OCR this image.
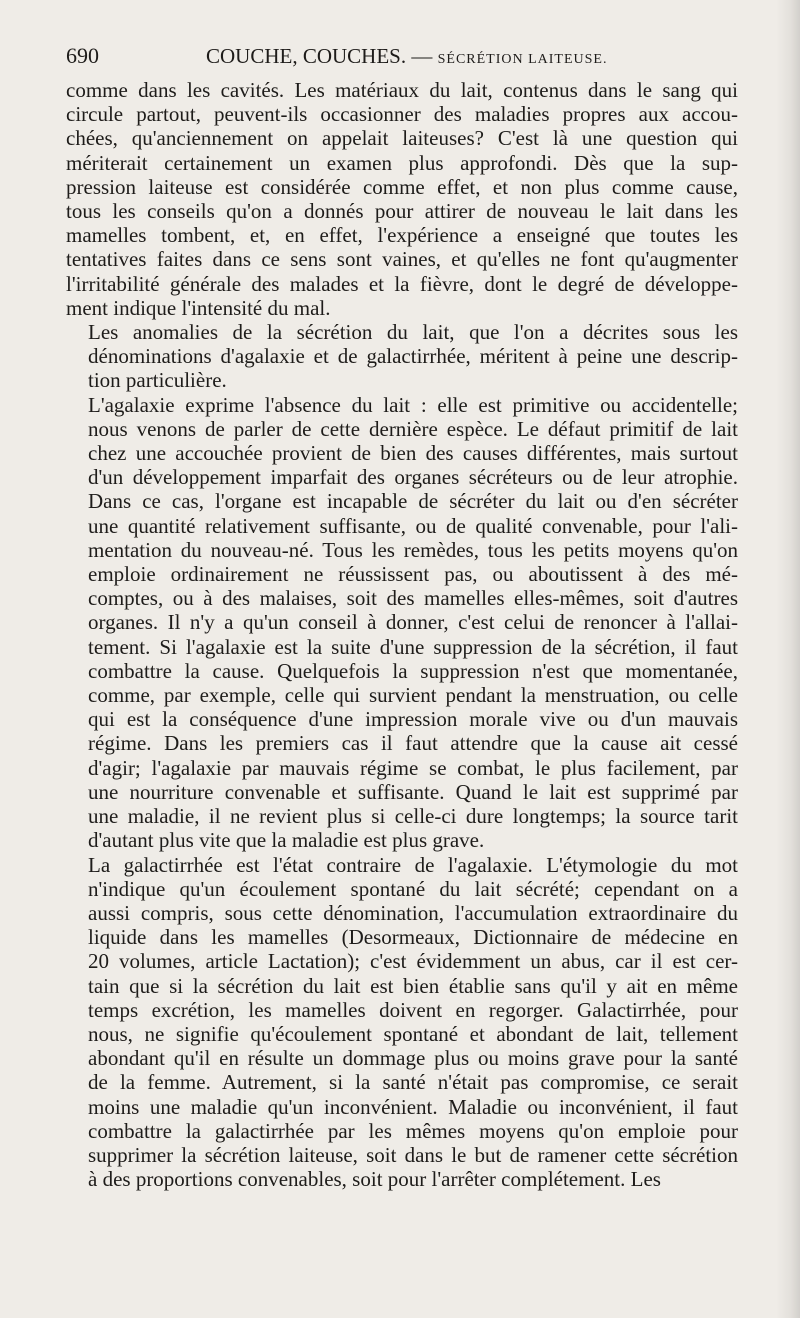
690	COUCHE, COUCHES. — SÉCRÉTION LAITEUSE.

comme dans les cavités. Les matériaux du lait, contenus dans le sang qui
circule partout, peuvent-ils occasionner des maladies propres aux accou-
chées, qu'anciennement on appelait laiteuses? C'est là une question qui
mériterait certainement un examen plus approfondi. Dès que la sup-
pression laiteuse est considérée comme effet, et non plus comme cause,
tous les conseils qu'on a donnés pour attirer de nouveau le lait dans les
mamelles tombent, et, en effet, l'expérience a enseigné que toutes les
tentatives faites dans ce sens sont vaines, et qu'elles ne font qu'augmenter
l'irritabilité générale des malades et la fièvre, dont le degré de développe-
ment indique l'intensité du mal.

Les anomalies de la sécrétion du lait, que l'on a décrites sous les
dénominations d'agalaxie et de galactirrhée, méritent à peine une descrip-
tion particulière.

L'agalaxie exprime l'absence du lait : elle est primitive ou accidentelle;
nous venons de parler de cette dernière espèce. Le défaut primitif de lait
chez une accouchée provient de bien des causes différentes, mais surtout
d'un développement imparfait des organes sécréteurs ou de leur atrophie.
Dans ce cas, l'organe est incapable de sécréter du lait ou d'en sécréter
une quantité relativement suffisante, ou de qualité convenable, pour l'ali-
mentation du nouveau-né. Tous les remèdes, tous les petits moyens qu'on
emploie ordinairement ne réussissent pas, ou aboutissent à des mé-
comptes, ou à des malaises, soit des mamelles elles-mêmes, soit d'autres
organes. Il n'y a qu'un conseil à donner, c'est celui de renoncer à l'allai-
tement. Si l'agalaxie est la suite d'une suppression de la sécrétion, il faut
combattre la cause. Quelquefois la suppression n'est que momentanée,
comme, par exemple, celle qui survient pendant la menstruation, ou celle
qui est la conséquence d'une impression morale vive ou d'un mauvais
régime. Dans les premiers cas il faut attendre que la cause ait cessé
d'agir; l'agalaxie par mauvais régime se combat, le plus facilement, par
une nourriture convenable et suffisante. Quand le lait est supprimé par
une maladie, il ne revient plus si celle-ci dure longtemps; la source tarit
d'autant plus vite que la maladie est plus grave.

La galactirrhée est l'état contraire de l'agalaxie. L'étymologie du mot
n'indique qu'un écoulement spontané du lait sécrété; cependant on a
aussi compris, sous cette dénomination, l'accumulation extraordinaire du
liquide dans les mamelles (Desormeaux, Dictionnaire de médecine en
20 volumes, article Lactation); c'est évidemment un abus, car il est cer-
tain que si la sécrétion du lait est bien établie sans qu'il y ait en même
temps excrétion, les mamelles doivent en regorger. Galactirrhée, pour
nous, ne signifie qu'écoulement spontané et abondant de lait, tellement
abondant qu'il en résulte un dommage plus ou moins grave pour la santé
de la femme. Autrement, si la santé n'était pas compromise, ce serait
moins une maladie qu'un inconvénient. Maladie ou inconvénient, il faut
combattre la galactirrhée par les mêmes moyens qu'on emploie pour
supprimer la sécrétion laiteuse, soit dans le but de ramener cette sécrétion
à des proportions convenables, soit pour l'arrêter complétement. Les
